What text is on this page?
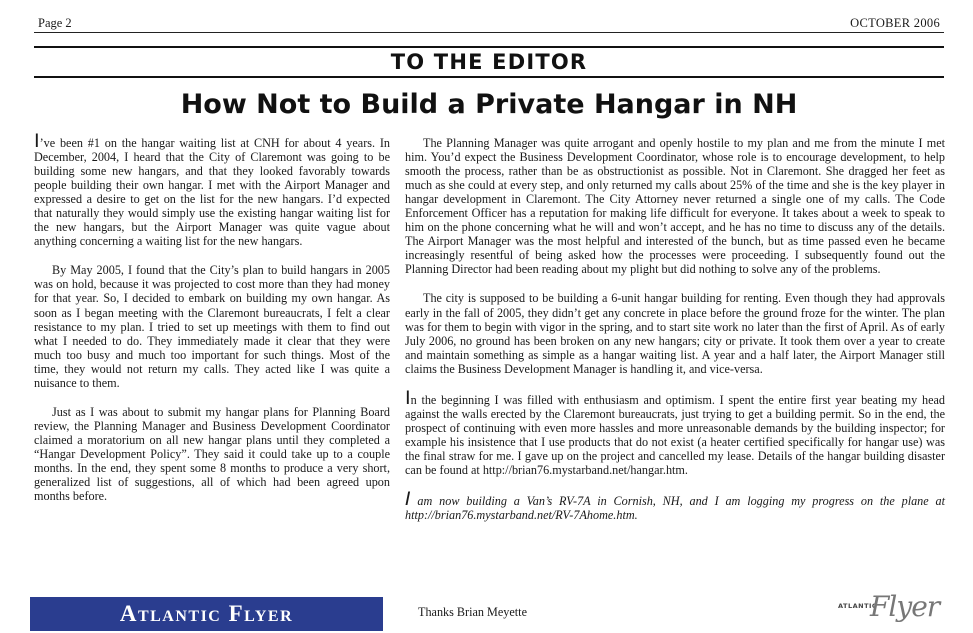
Page 2	OCTOBER 2006
TO THE EDITOR
How Not to Build a Private Hangar in NH

I’ve been #1 on the hangar waiting list at CNH for about 4 years. In December, 2004, I heard that the City of Claremont was going to be building some new hangars, and that they looked favorably towards people building their own hangar. I met with the Airport Manager and expressed a desire to get on the list for the new hangars. I’d expected that naturally they would simply use the existing hangar waiting list for the new hangars, but the Airport Manager was quite vague about anything concerning a waiting list for the new hangars.

By May 2005, I found that the City’s plan to build hangars in 2005 was on hold, because it was projected to cost more than they had money for that year. So, I decided to embark on building my own hangar. As soon as I began meeting with the Claremont bureaucrats, I felt a clear resistance to my plan. I tried to set up meetings with them to find out what I needed to do. They immediately made it clear that they were much too busy and much too important for such things. Most of the time, they would not return my calls. They acted like I was quite a nuisance to them.

Just as I was about to submit my hangar plans for Planning Board review, the Planning Manager and Business Development Coordinator claimed a moratorium on all new hangar plans until they completed a “Hangar Development Policy”. They said it could take up to a couple months. In the end, they spent some 8 months to produce a very short, generalized list of suggestions, all of which had been agreed upon months before.

The Planning Manager was quite arrogant and openly hostile to my plan and me from the minute I met him. You’d expect the Business Development Coordinator, whose role is to encourage development, to help smooth the process, rather than be as obstructionist as possible. Not in Claremont. She dragged her feet as much as she could at every step, and only returned my calls about 25% of the time and she is the key player in hangar development in Claremont. The City Attorney never returned a single one of my calls. The Code Enforcement Officer has a reputation for making life difficult for everyone. It takes about a week to speak to him on the phone concerning what he will and won’t accept, and he has no time to discuss any of the details. The Airport Manager was the most helpful and interested of the bunch, but as time passed even he became increasingly resentful of being asked how the processes were proceeding. I subsequently found out the Planning Director had been reading about my plight but did nothing to solve any of the problems.

The city is supposed to be building a 6-unit hangar building for renting. Even though they had approvals early in the fall of 2005, they didn’t get any concrete in place before the ground froze for the winter. The plan was for them to begin with vigor in the spring, and to start site work no later than the first of April. As of early July 2006, no ground has been broken on any new hangars; city or private. It took them over a year to create and maintain something as simple as a hangar waiting list. A year and a half later, the Airport Manager still claims the Business Development Manager is handling it, and vice-versa.

In the beginning I was filled with enthusiasm and optimism. I spent the entire first year beating my head against the walls erected by the Claremont bureaucrats, just trying to get a building permit. So in the end, the prospect of continuing with even more hassles and more unreasonable demands by the building inspector; for example his insistence that I use products that do not exist (a heater certified specifically for hangar use) was the final straw for me. I gave up on the project and cancelled my lease. Details of the hangar building disaster can be found at http://brian76.mystarband.net/hangar.htm.

I am now building a Van’s RV-7A in Cornish, NH, and I am logging my progress on the plane at http://brian76.mystarband.net/RV-7Ahome.htm.

Thanks Brian Meyette
Atlantic Flyer	ATLANTIC
Flyer
